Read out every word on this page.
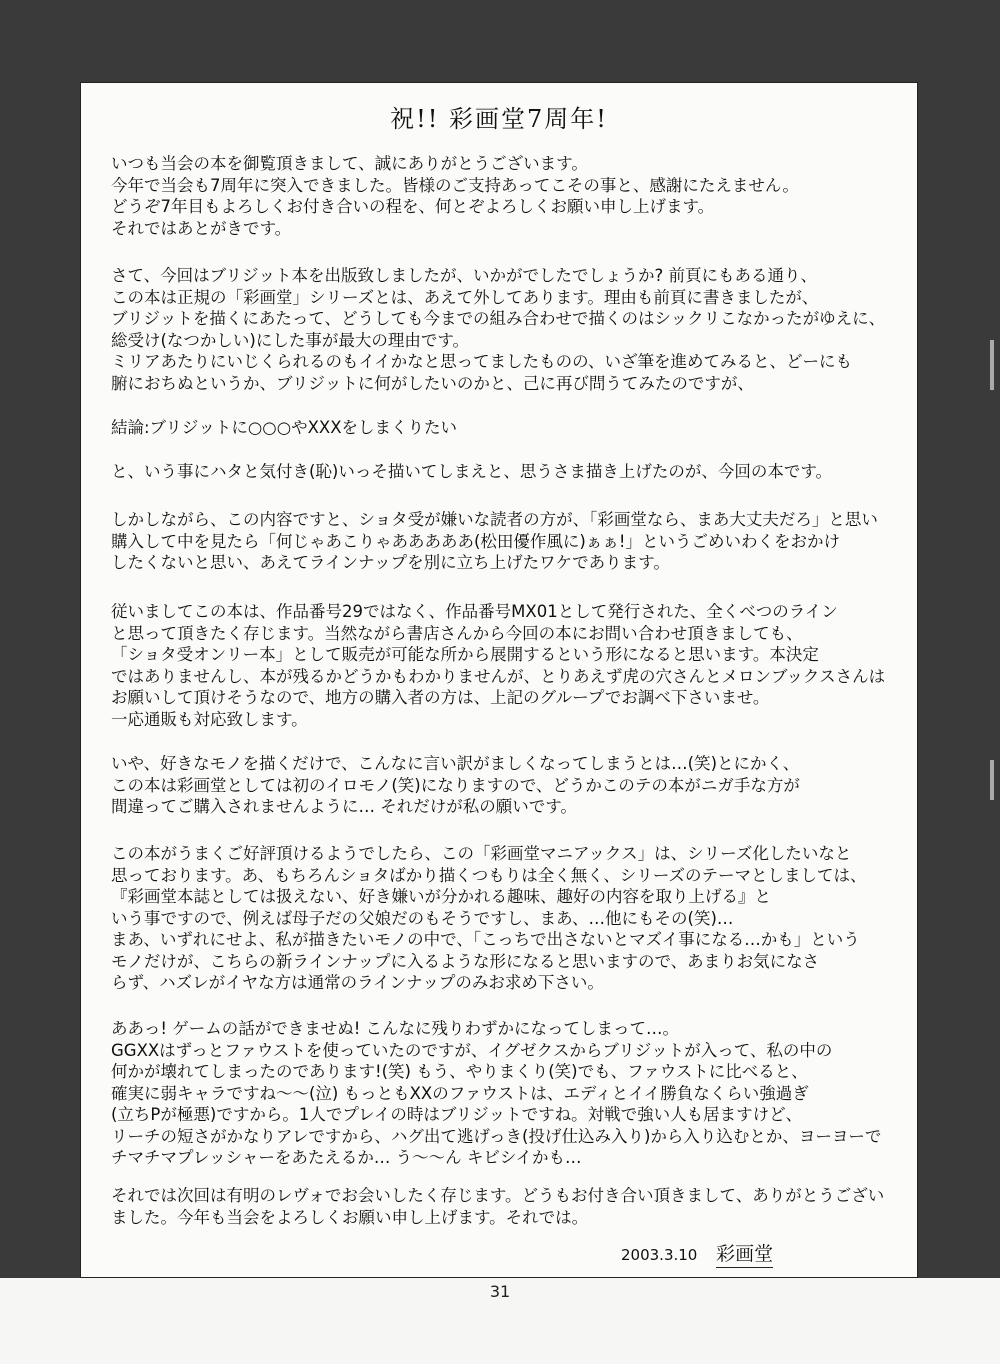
祝!! 彩画堂7周年!
。 いつも当会の本を御覧頂きまして、誠にありがとうございます。
今年で当会も7周年に突入できました。皆様のご支持あってこその事と、感謝にたえません。
どうぞ7年目もよろしくお付き合いの程を、何とぞよろしくお願い申し上げます。
それではあとがきです。
。 さて、今回はブリジット本を出版致しましたが、いかがでしたでしょうか? 前頁にもある通り、
この本は正規の「彩画堂」シリーズとは、あえて外してあります。理由も前頁に書きましたが、
ブリジットを描くにあたって、どうしても今までの組み合わせで描くのはシックリこなかったがゆえに、
総受け(なつかしい)にした事が最大の理由です。
ミリアあたりにいじくられるのもイイかなと思ってましたものの、いざ筆を進めてみると、どーにも
腑におちぬというか、ブリジットに何がしたいのかと、己に再び問うてみたのですが、
結論:ブリジットに○○○やXXXをしまくりたい
と、いう事にハタと気付き(恥)いっそ描いてしまえと、思うさま描き上げたのが、今回の本です。
。 しかしながら、この内容ですと、ショタ受が嫌いな読者の方が、「彩画堂なら、まあ大丈夫だろ」と思い
購入して中を見たら「何じゃあこりゃあああああ(松田優作風に)ぁぁ!」というごめいわくをおかけ
したくないと思い、あえてラインナップを別に立ち上げたワケであります。
。 従いましてこの本は、作品番号29ではなく、作品番号MX01として発行された、全くべつのライン
と思って頂きたく存じます。当然ながら書店さんから今回の本にお問い合わせ頂きましても、
「ショタ受オンリー本」として販売が可能な所から展開するという形になると思います。本決定
ではありませんし、本が残るかどうかもわかりませんが、とりあえず虎の穴さんとメロンブックスさんは
お願いして頂けそうなので、地方の購入者の方は、上記のグループでお調べ下さいませ。
一応通販も対応致します。
。 いや、好きなモノを描くだけで、こんなに言い訳がましくなってしまうとは…(笑)とにかく、
この本は彩画堂としては初のイロモノ(笑)になりますので、どうかこのテの本がニガ手な方が
間違ってご購入されませんように… それだけが私の願いです。
。 この本がうまくご好評頂けるようでしたら、この「彩画堂マニアックス」は、シリーズ化したいなと
思っております。あ、もちろんショタばかり描くつもりは全く無く、シリーズのテーマとしましては、
『彩画堂本誌としては扱えない、好き嫌いが分かれる趣味、趣好の内容を取り上げる』と
いう事ですので、例えば母子だの父娘だのもそうですし、まあ、…他にもその(笑)…
まあ、いずれにせよ、私が描きたいモノの中で、「こっちで出さないとマズイ事になる…かも」という
モノだけが、こちらの新ラインナップに入るような形になると思いますので、あまりお気になさ
らず、ハズレがイヤな方は通常のラインナップのみお求め下さい。
。 ああっ! ゲームの話ができませぬ! こんなに残りわずかになってしまって…。
GGXXはずっとファウストを使っていたのですが、イグゼクスからブリジットが入って、私の中の
何かが壊れてしまったのであります!(笑) もう、やりまくり(笑)でも、ファウストに比べると、
確実に弱キャラですね〜〜(泣) もっともXXのファウストは、エディとイイ勝負なくらい強過ぎ
(立ちPが極悪)ですから。1人でプレイの時はブリジットですね。対戦で強い人も居ますけど、
リーチの短さがかなりアレですから、ハグ出て逃げっき(投げ仕込み入り)から入り込むとか、ヨーヨーで
チマチマプレッシャーをあたえるか… う〜〜ん キビシイかも…
。 それでは次回は有明のレヴォでお会いしたく存じます。どうもお付き合い頂きまして、ありがとうござい
ました。今年も当会をよろしくお願い申し上げます。それでは。
2003.3.10 彩画堂
31
